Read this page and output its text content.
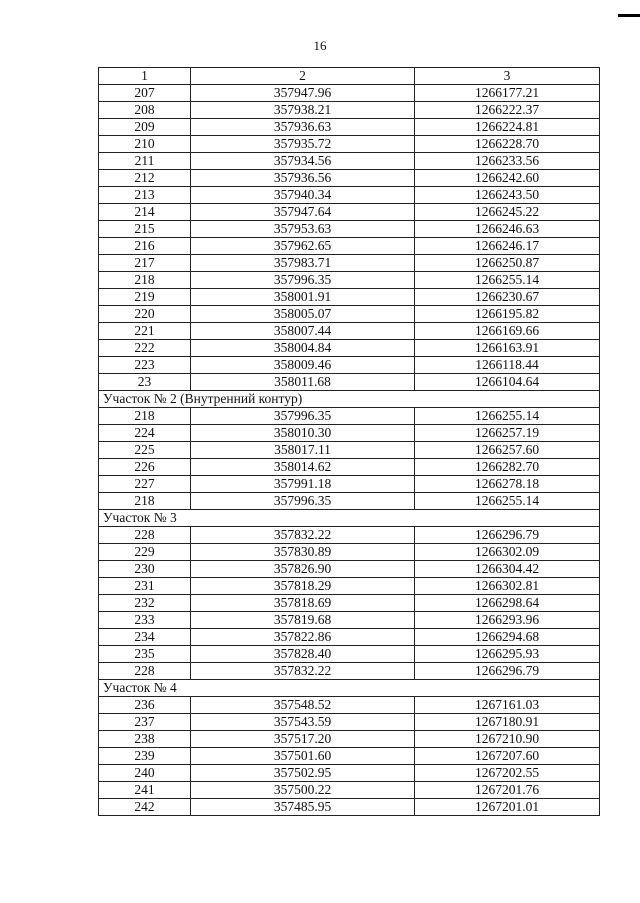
16
1	2	3
207	357947.96	1266177.21
208	357938.21	1266222.37
209	357936.63	1266224.81
210	357935.72	1266228.70
211	357934.56	1266233.56
212	357936.56	1266242.60
213	357940.34	1266243.50
214	357947.64	1266245.22
215	357953.63	1266246.63
216	357962.65	1266246.17
217	357983.71	1266250.87
218	357996.35	1266255.14
219	358001.91	1266230.67
220	358005.07	1266195.82
221	358007.44	1266169.66
222	358004.84	1266163.91
223	358009.46	1266118.44
23	358011.68	1266104.64
Участок № 2 (Внутренний контур)		
218	357996.35	1266255.14
224	358010.30	1266257.19
225	358017.11	1266257.60
226	358014.62	1266282.70
227	357991.18	1266278.18
218	357996.35	1266255.14
Участок № 3		
228	357832.22	1266296.79
229	357830.89	1266302.09
230	357826.90	1266304.42
231	357818.29	1266302.81
232	357818.69	1266298.64
233	357819.68	1266293.96
234	357822.86	1266294.68
235	357828.40	1266295.93
228	357832.22	1266296.79
Участок № 4		
236	357548.52	1267161.03
237	357543.59	1267180.91
238	357517.20	1267210.90
239	357501.60	1267207.60
240	357502.95	1267202.55
241	357500.22	1267201.76
242	357485.95	1267201.01
